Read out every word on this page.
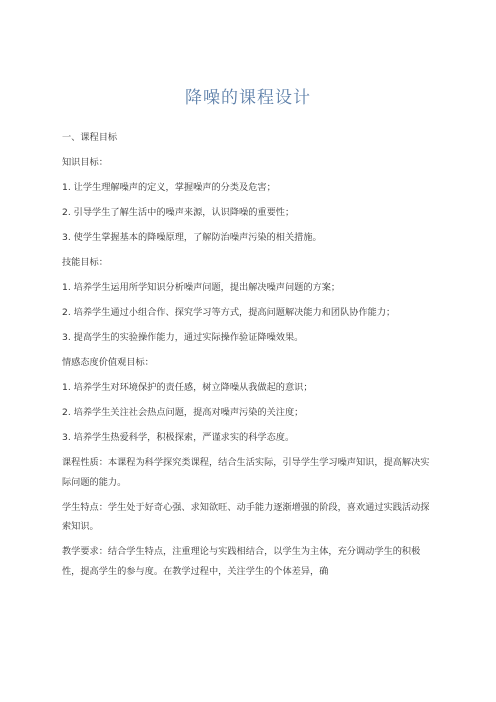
降噪的课程设计

一、课程目标

知识目标：

1. 让学生理解噪声的定义，掌握噪声的分类及危害；

2. 引导学生了解生活中的噪声来源，认识降噪的重要性；

3. 使学生掌握基本的降噪原理，了解防治噪声污染的相关措施。

技能目标：

1. 培养学生运用所学知识分析噪声问题，提出解决噪声问题的方案；

2. 培养学生通过小组合作、探究学习等方式，提高问题解决能力和团队协作能力；

3. 提高学生的实验操作能力，通过实际操作验证降噪效果。

情感态度价值观目标：

1. 培养学生对环境保护的责任感，树立降噪从我做起的意识；

2. 培养学生关注社会热点问题，提高对噪声污染的关注度；

3. 培养学生热爱科学，积极探索，严谨求实的科学态度。

课程性质：本课程为科学探究类课程，结合生活实际，引导学生学习噪声知识，提高解决实际问题的能力。

学生特点：学生处于好奇心强、求知欲旺、动手能力逐渐增强的阶段，喜欢通过实践活动探索知识。

教学要求：结合学生特点，注重理论与实践相结合，以学生为主体，充分调动学生的积极性，提高学生的参与度。在教学过程中，关注学生的个体差异，确
